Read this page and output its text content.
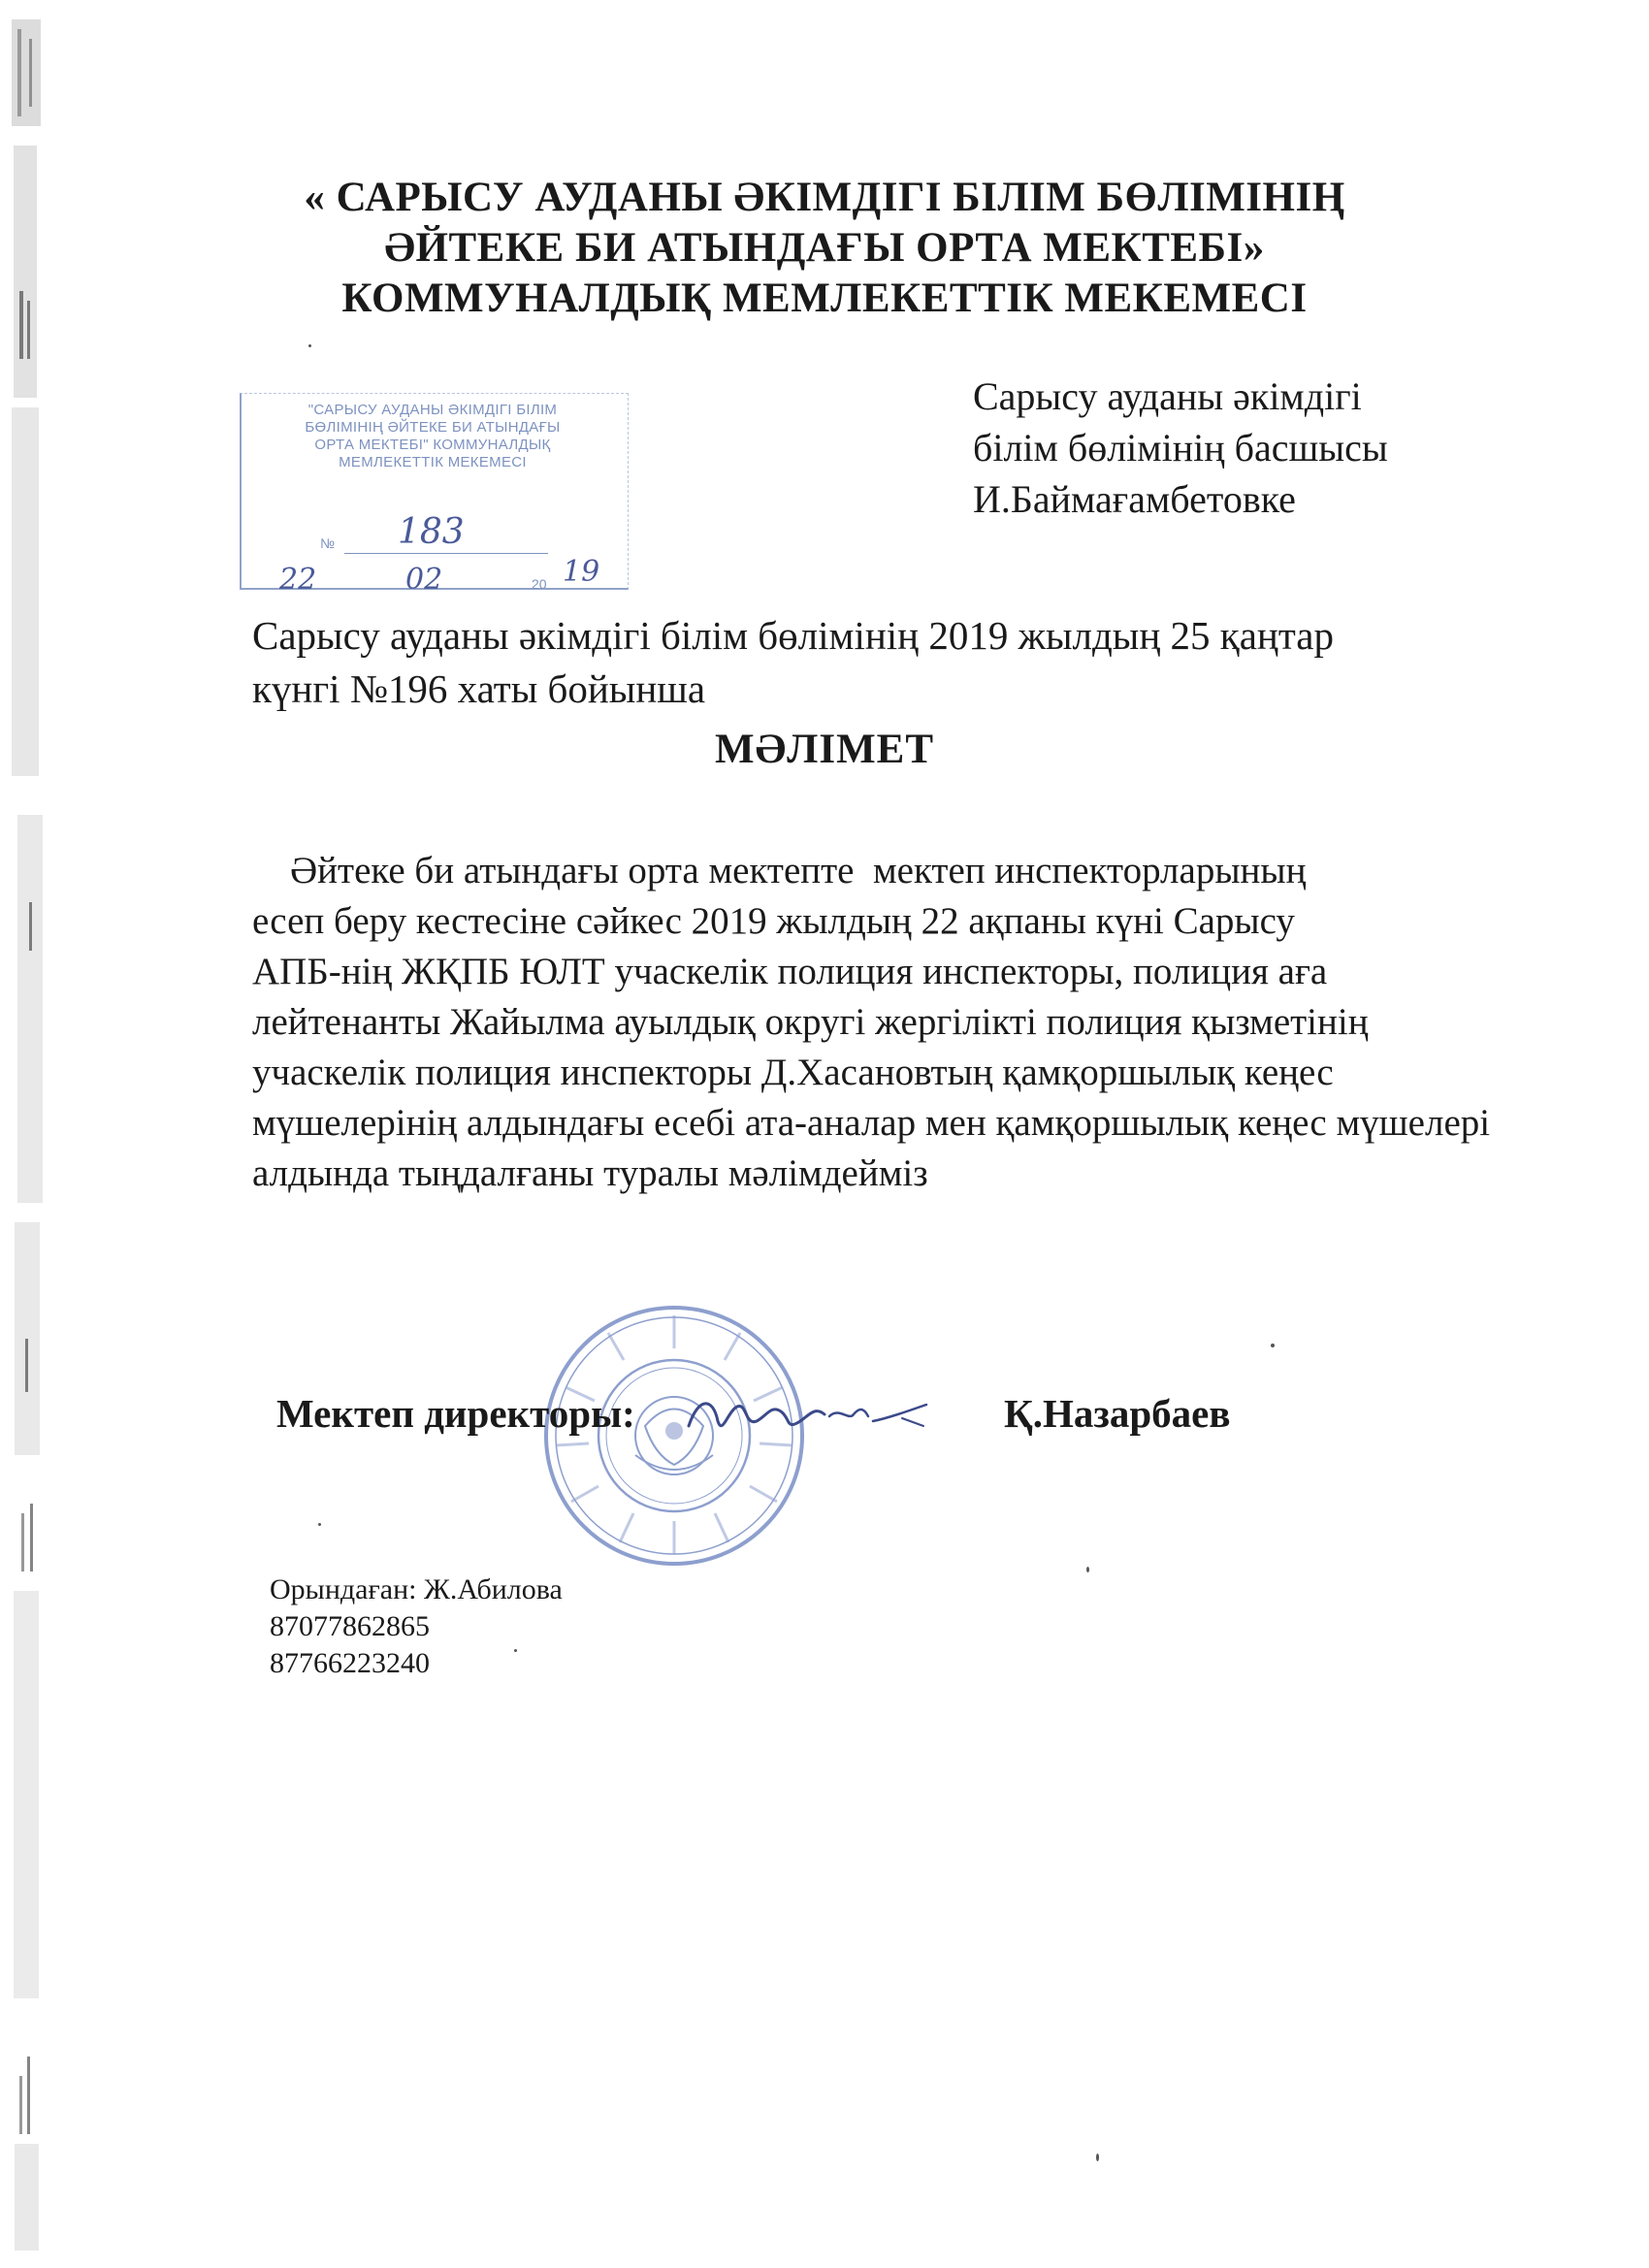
« САРЫСУ АУДАНЫ ӘКІМДІГІ БІЛІМ БӨЛІМІНІҢ
ӘЙТЕКЕ БИ АТЫНДАҒЫ ОРТА МЕКТЕБІ»
КОММУНАЛДЫҚ МЕМЛЕКЕТТІК МЕКЕМЕСІ
"САРЫСУ АУДАНЫ ӘКІМДІГІ БІЛІМ
БӨЛІМІНІҢ ӘЙТЕКЕ БИ АТЫНДАҒЫ
ОРТА МЕКТЕБІ" КОММУНАЛДЫҚ
МЕМЛЕКЕТТІК МЕКЕМЕСІ
№ 183
22	02	20 19
Сарысу ауданы әкімдігі
білім бөлімінің басшысы
И.Баймағамбетовке
Сарысу ауданы әкімдігі білім бөлімінің 2019 жылдың 25 қаңтар
күнгі №196 хаты бойынша
МӘЛІМЕТ
Әйтеке би атындағы орта мектепте  мектеп инспекторларының
есеп беру кестесіне сәйкес 2019 жылдың 22 ақпаны күні Сарысу
АПБ-нің ЖҚПБ ЮЛТ учаскелік полиция инспекторы, полиция аға
лейтенанты Жайылма ауылдық округі жергілікті полиция қызметінің
учаскелік полиция инспекторы Д.Хасановтың қамқоршылық кеңес
мүшелерінің алдындағы есебі ата-аналар мен қамқоршылық кеңес мүшелері
алдында тыңдалғаны туралы мәлімдейміз
Мектеп директоры:	Қ.Назарбаев
Орындаған: Ж.Абилова
87077862865
87766223240
